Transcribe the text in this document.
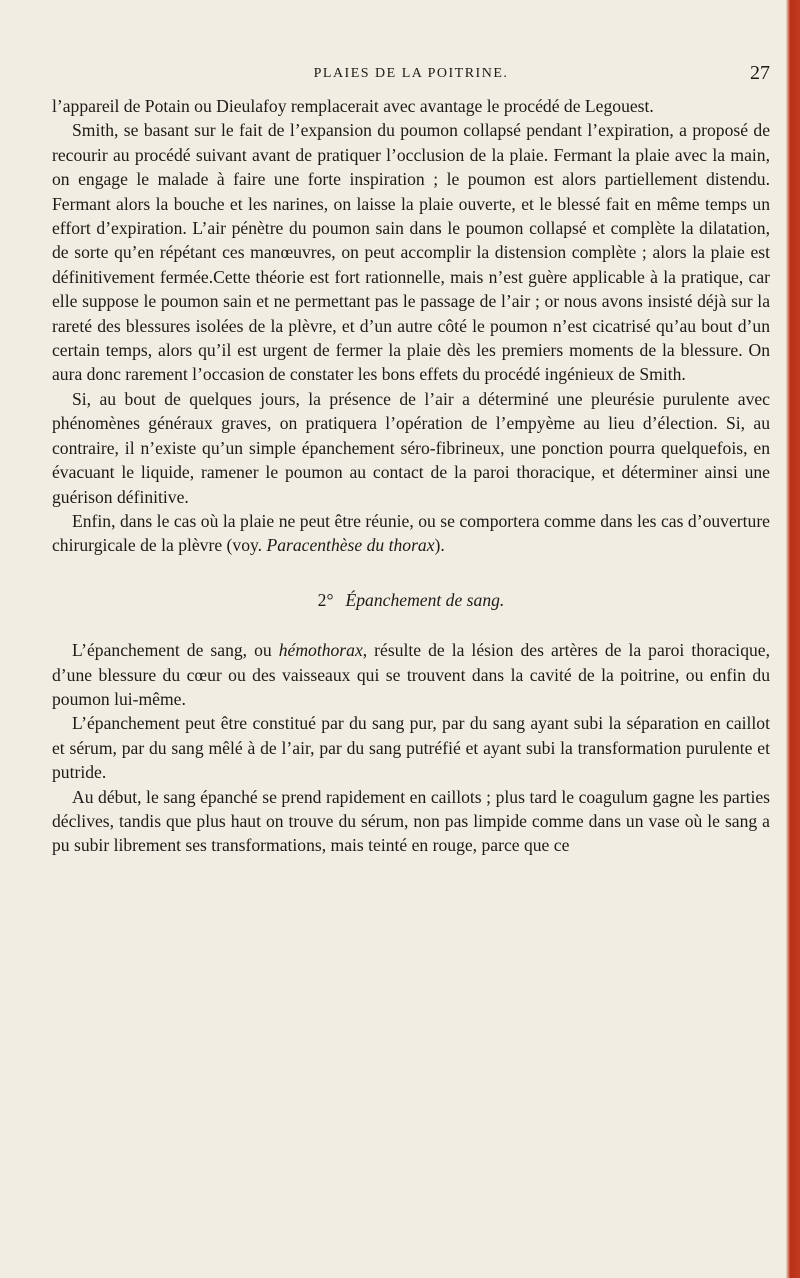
PLAIES DE LA POITRINE.	27

l’appareil de Potain ou Dieulafoy remplacerait avec avantage le procédé de Legouest.

Smith, se basant sur le fait de l’expansion du poumon collapsé pendant l’expiration, a proposé de recourir au procédé suivant avant de pratiquer l’occlusion de la plaie. Fermant la plaie avec la main, on engage le malade à faire une forte inspiration ; le poumon est alors partiellement distendu. Fermant alors la bouche et les narines, on laisse la plaie ouverte, et le blessé fait en même temps un effort d’expiration. L’air pénètre du poumon sain dans le poumon collapsé et complète la dilatation, de sorte qu’en répétant ces manœuvres, on peut accomplir la distension complète ; alors la plaie est définitivement fermée.Cette théorie est fort rationnelle, mais n’est guère applicable à la pratique, car elle suppose le poumon sain et ne permettant pas le passage de l’air ; or nous avons insisté déjà sur la rareté des blessures isolées de la plèvre, et d’un autre côté le poumon n’est cicatrisé qu’au bout d’un certain temps, alors qu’il est urgent de fermer la plaie dès les premiers moments de la blessure. On aura donc rarement l’occasion de constater les bons effets du procédé ingénieux de Smith.

Si, au bout de quelques jours, la présence de l’air a déterminé une pleurésie purulente avec phénomènes généraux graves, on pratiquera l’opération de l’empyème au lieu d’élection. Si, au contraire, il n’existe qu’un simple épanchement séro-fibrineux, une ponction pourra quelquefois, en évacuant le liquide, ramener le poumon au contact de la paroi thoracique, et déterminer ainsi une guérison définitive.

Enfin, dans le cas où la plaie ne peut être réunie, ou se comportera comme dans les cas d’ouverture chirurgicale de la plèvre (voy. Paracenthèse du thorax).

2° Épanchement de sang.

L’épanchement de sang, ou hémothorax, résulte de la lésion des artères de la paroi thoracique, d’une blessure du cœur ou des vaisseaux qui se trouvent dans la cavité de la poitrine, ou enfin du poumon lui-même.

L’épanchement peut être constitué par du sang pur, par du sang ayant subi la séparation en caillot et sérum, par du sang mêlé à de l’air, par du sang putréfié et ayant subi la transformation purulente et putride.

Au début, le sang épanché se prend rapidement en caillots ; plus tard le coagulum gagne les parties déclives, tandis que plus haut on trouve du sérum, non pas limpide comme dans un vase où le sang a pu subir librement ses transformations, mais teinté en rouge, parce que ce
